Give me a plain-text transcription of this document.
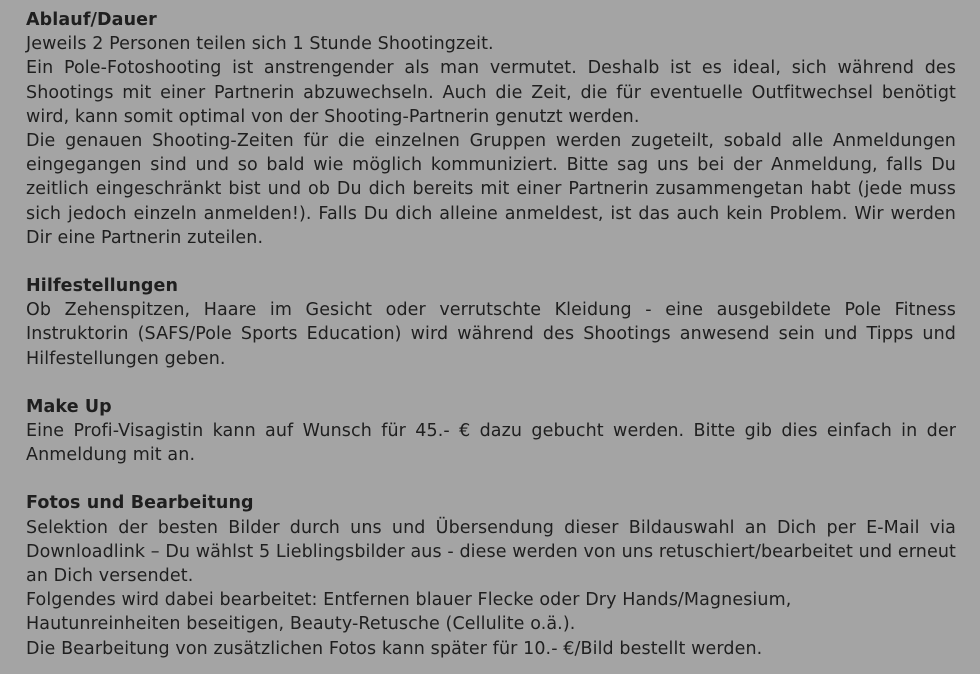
Ablauf/Dauer
Jeweils 2 Personen teilen sich 1 Stunde Shootingzeit.
Ein Pole-Fotoshooting ist anstrengender als man vermutet. Deshalb ist es ideal, sich während des Shootings mit einer Partnerin abzuwechseln. Auch die Zeit, die für eventuelle Outfitwechsel benötigt wird, kann somit optimal von der Shooting-Partnerin genutzt werden.
Die genauen Shooting-Zeiten für die einzelnen Gruppen werden zugeteilt, sobald alle Anmeldungen eingegangen sind und so bald wie möglich kommuniziert. Bitte sag uns bei der Anmeldung, falls Du zeitlich eingeschränkt bist und ob Du dich bereits mit einer Partnerin zusammengetan habt (jede muss sich jedoch einzeln anmelden!). Falls Du dich alleine anmeldest, ist das auch kein Problem. Wir werden Dir eine Partnerin zuteilen.
Hilfestellungen
Ob Zehenspitzen, Haare im Gesicht oder verrutschte Kleidung - eine ausgebildete Pole Fitness Instruktorin (SAFS/Pole Sports Education) wird während des Shootings anwesend sein und Tipps und Hilfestellungen geben.
Make Up
Eine Profi-Visagistin kann auf Wunsch für 45.- € dazu gebucht werden. Bitte gib dies einfach in der Anmeldung mit an.
Fotos und Bearbeitung
Selektion der besten Bilder durch uns und Übersendung dieser Bildauswahl an Dich per E-Mail via Downloadlink – Du wählst 5 Lieblingsbilder aus - diese werden von uns retuschiert/bearbeitet und erneut an Dich versendet.
Folgendes wird dabei bearbeitet: Entfernen blauer Flecke oder Dry Hands/Magnesium,
Hautunreinheiten beseitigen, Beauty-Retusche (Cellulite o.ä.).
Die Bearbeitung von zusätzlichen Fotos kann später für 10.- €/Bild bestellt werden.
